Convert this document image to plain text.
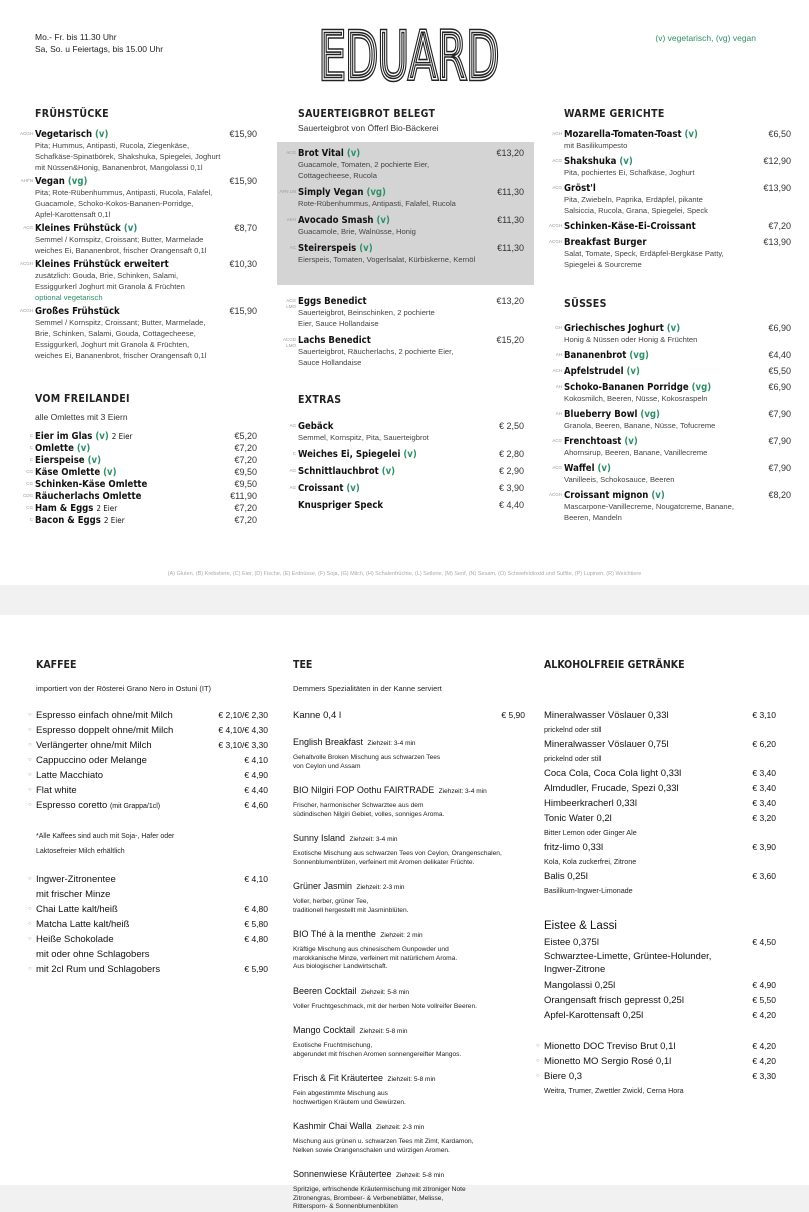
Mo.- Fr. bis 11.30 Uhr
Sa, So. u Feiertags, bis 15.00 Uhr EDUARD
EDUARD	(v) vegetarisch, (vg) vegan
FRÜHSTÜCKE
ACGH Vegetarisch (v)	€15,90
Pita; Hummus, Antipasti, Rucola, Ziegenkäse,
Schafkäse-Spinatbörek, Shakshuka, Spiegelei, Joghurt
mit Nüssen&Honig, Bananenbrot, Mangolassi 0,1l
AHFN Vegan (vg)	€15,90
Pita; Rote-Rübenhummus, Antipasti, Rucola, Falafel,
Guacamole, Schoko-Kokos-Bananen-Porridge,
Apfel-Karottensaft 0,1l
ACG Kleines Frühstück (v)	€8,70
Semmel / Kornspitz, Croissant; Butter, Marmelade
weiches Ei, Bananenbrot, frischer Orangensaft 0,1l
ACGH Kleines Frühstück erweitert	€10,30
zusätzlich: Gouda, Brie, Schinken, Salami,
Essiggurkerl Joghurt mit Granola & Früchten
optional vegetarisch
ACGH Großes Frühstück	€15,90
Semmel / Kornspitz, Croissant; Butter, Marmelade,
Brie, Schinken, Salami, Gouda, Cottagecheese,
Essiggurkerl, Joghurt mit Granola & Früchten,
weiches Ei, Bananenbrot, frischer Orangensaft 0,1l
VOM FREILANDEI
alle Omlettes mit 3 Eiern
C Eier im Glas (v) 2 Eier	€5,20
C Omlette (v)	€7,20
C Eierspeise (v)	€7,20
CG Käse Omlette (v)	€9,50
CG Schinken-Käse Omlette	€9,50
CDG Räucherlachs Omlette	€11,90
CG Ham & Eggs 2 Eier	€7,20
C Bacon & Eggs 2 Eier	€7,20
SAUERTEIGBROT BELEGT
Sauerteigbrot von Öfferl Bio-Bäckerei
ACG Brot Vital (v)	€13,20
Guacamole, Tomaten, 2 pochierte Eier,
Cottagecheese, Rucola
AFN LM Simply Vegan (vg)	€11,30
Rote-Rübenhummus, Antipasti, Falafel, Rucola
AKH Avocado Smash (v)	€11,30
Guacamole, Brie, Walnüsse, Honig
AC Steirerspeis (v)	€11,30
Eierspeis, Tomaten, Vogerlsalat, Kürbiskerne, Kernöl
ACG LMO Eggs Benedict	€13,20
Sauerteigbrot, Beinschinken, 2 pochierte
Eier, Sauce Hollandaise
ACGD LMO Lachs Benedict	€15,20
Sauerteigbrot, Räucherlachs, 2 pochierte Eier,
Sauce Hollandaise
EXTRAS
AG Gebäck	€ 2,50
Semmel, Kornspitz, Pita, Sauerteigbrot
C Weiches Ei, Spiegelei (v)	€ 2,80
AG Schnittlauchbrot (v)	€ 2,90
AG Croissant (v)	€ 3,90
Knuspriger Speck	€ 4,40
WARME GERICHTE
AGH Mozarella-Tomaten-Toast (v)	€6,50
mit Basilikumpesto
ACG Shakshuka (v)	€12,90
Pita, pochiertes Ei, Schafkäse, Joghurt
ACG Gröst'l	€13,90
Pita, Zwiebeln, Paprika, Erdäpfel, pikante
Salsiccia, Rucola, Grana, Spiegelei, Speck
ACGH Schinken-Käse-Ei-Croissant	€7,20
ACGH Breakfast Burger	€13,90
Salat, Tomate, Speck, Erdäpfel-Bergkäse Patty,
Spiegelei & Sourcreme
SÜSSES
GH Griechisches Joghurt (v)	€6,90
Honig & Nüssen oder Honig & Früchten
AH Bananenbrot (vg)	€4,40
ACH Apfelstrudel (v)	€5,50
AH Schoko-Bananen Porridge (vg)	€6,90
Kokosmilch, Beeren, Nüsse, Kokosraspeln
AH Blueberry Bowl (vg)	€7,90
Granola, Beeren, Banane, Nüsse, Tofucreme
ACG Frenchtoast (v)	€7,90
Ahornsirup, Beeren, Banane, Vanillecreme
ACG Waffel (v)	€7,90
Vanilleeis, Schokosauce, Beeren
ACGH Croissant mignon (v)	€8,20
Mascarpone-Vanillecreme, Nougatcreme, Banane,
Beeren, Mandeln
(A) Gluten, (B) Krebstiere, (C) Eier, (D) Fische, (E) Erdnüsse, (F) Soja, (G) Milch, (H) Schalenfrüchte, (L) Sellerie, (M) Senf, (N) Sesam, (O) Schwefeldioxid und Sulfite, (P) Lupinen, (R) Weichtiere
KAFFEE
importiert von der Rösterei Grano Nero in Ostuni (IT)
○ Espresso einfach ohne/mit Milch	€ 2,10/€ 2,30
○ Espresso doppelt ohne/mit Milch	€ 4,10/€ 4,30
○ Verlängerter ohne/mit Milch	€ 3,10/€ 3,30
○ Cappuccino oder Melange	€ 4,10
○ Latte Macchiato	€ 4,90
○ Flat white	€ 4,40
○ Espresso coretto (mit Grappa/1cl)	€ 4,60
*Alle Kaffees sind auch mit Soja-, Hafer oder
Laktosefreier Milch erhältlich
○ Ingwer-Zitronentee	€ 4,10
mit frischer Minze
○ Chai Latte kalt/heiß	€ 4,80
○ Matcha Latte kalt/heiß	€ 5,80
○ Heiße Schokolade	€ 4,80
mit oder ohne Schlagobers
○ mit 2cl Rum und Schlagobers	€ 5,90
TEE
Demmers Spezialitäten in der Kanne serviert
Kanne 0,4 l	€ 5,90
English Breakfast Ziehzeit: 3-4 min
Gehaltvolle Broken Mischung aus schwarzen Tees
von Ceylon und Assam
BIO Nilgiri FOP Oothu FAIRTRADE Ziehzeit: 3-4 min
Frischer, harmonischer Schwarztee aus dem
südindischen Nilgiri Gebiet, volles, sonniges Aroma.
Sunny Island Ziehzeit: 3-4 min
Exotische Mischung aus schwarzen Tees von Ceylon, Orangenschalen,
Sonnenblumenblüten, verfeinert mit Aromen delikater Früchte.
Grüner Jasmin Ziehzeit: 2-3 min
Voller, herber, grüner Tee,
traditionell hergestellt mit Jasminblüten.
BIO Thé à la menthe Ziehzeit: 2 min
Kräftige Mischung aus chinesischem Gunpowder und
marokkanische Minze, verfeinert mit natürlichem Aroma.
Aus biologischer Landwirtschaft.
Beeren Cocktail Ziehzeit: 5-8 min
Voller Fruchtgeschmack, mit der herben Note vollreifer Beeren.
Mango Cocktail Ziehzeit: 5-8 min
Exotische Fruchtmischung,
abgerundet mit frischen Aromen sonnengereifter Mangos.
Frisch & Fit Kräutertee Ziehzeit: 5-8 min
Fein abgestimmte Mischung aus
hochwertigen Kräutern und Gewürzen.
Kashmir Chai Walla Ziehzeit: 2-3 min
Mischung aus grünen u. schwarzen Tees mit Zimt, Kardamon,
Nelken sowie Orangenschalen und würzigen Aromen.
Sonnenwiese Kräutertee Ziehzeit: 5-8 min
Spritzige, erfrischende Kräutermischung mit zitroniger Note
Zitronengras, Brombeer- & Verbeneblätter, Melisse,
Rittersporn- & Sonnenblumenblüten
ALKOHOLFREIE GETRÄNKE
Mineralwasser Vöslauer 0,33l	€ 3,10
prickelnd oder still
Mineralwasser Vöslauer 0,75l	€ 6,20
prickelnd oder still
Coca Cola, Coca Cola light 0,33l	€ 3,40
Almdudler, Frucade, Spezi 0,33l	€ 3,40
Himbeerkracherl 0,33l	€ 3,40
Tonic Water 0,2l	€ 3,20
Bitter Lemon oder Ginger Ale
fritz-limo 0,33l	€ 3,90
Kola, Kola zuckerfrei, Zitrone
Balis 0,25l	€ 3,60
Basilikum-Ingwer-Limonade
Eistee & Lassi
Eistee 0,375l	€ 4,50
Schwarztee-Limette, Grüntee-Holunder,
Ingwer-Zitrone
Mangolassi 0,25l	€ 4,90
Orangensaft frisch gepresst 0,25l	€ 5,50
Apfel-Karottensaft 0,25l	€ 4,20
○ Mionetto DOC Treviso Brut 0,1l	€ 4,20
○ Mionetto MO Sergio Rosé 0,1l	€ 4,20
○ Biere 0,3	€ 3,30
Weitra, Trumer, Zwettler Zwickl, Cerna Hora
